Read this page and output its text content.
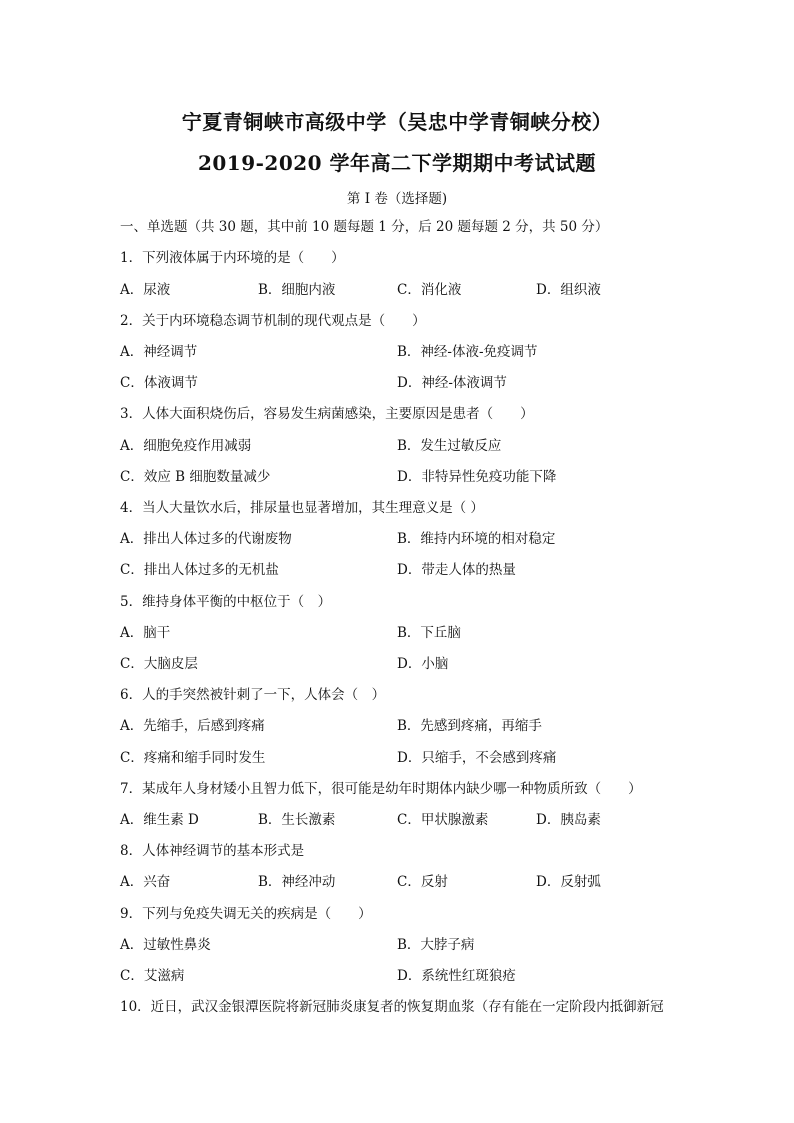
宁夏青铜峡市高级中学（吴忠中学青铜峡分校）
2019-2020 学年高二下学期期中考试试题
第 I 卷（选择题)
一、单选题（共 30 题，其中前 10 题每题 1 分，后 20 题每题 2 分，共 50 分）
1．下列液体属于内环境的是（　　）
A．尿液	B．细胞内液	C．消化液	D．组织液
2．关于内环境稳态调节机制的现代观点是（　　）
A．神经调节	B．神经-体液-免疫调节
C．体液调节	D．神经-体液调节
3．人体大面积烧伤后，容易发生病菌感染，主要原因是患者（　　）
A．细胞免疫作用减弱	B．发生过敏反应
C．效应 B 细胞数量减少	D．非特异性免疫功能下降
4．当人大量饮水后，排尿量也显著增加，其生理意义是（ ）
A．排出人体过多的代谢废物	B．维持内环境的相对稳定
C．排出人体过多的无机盐	D．带走人体的热量
5．维持身体平衡的中枢位于（　）
A．脑干	B．下丘脑
C．大脑皮层	D．小脑
6．人的手突然被针刺了一下，人体会（　）
A．先缩手，后感到疼痛	B．先感到疼痛，再缩手
C．疼痛和缩手同时发生	D．只缩手，不会感到疼痛
7．某成年人身材矮小且智力低下，很可能是幼年时期体内缺少哪一种物质所致（　　）
A．维生素 D	B．生长激素	C．甲状腺激素	D．胰岛素
8．人体神经调节的基本形式是
A．兴奋	B．神经冲动	C．反射	D．反射弧
9．下列与免疫失调无关的疾病是（　　）
A．过敏性鼻炎	B．大脖子病
C．艾滋病	D．系统性红斑狼疮
10．近日，武汉金银潭医院将新冠肺炎康复者的恢复期血浆（存有能在一定阶段内抵御新冠
